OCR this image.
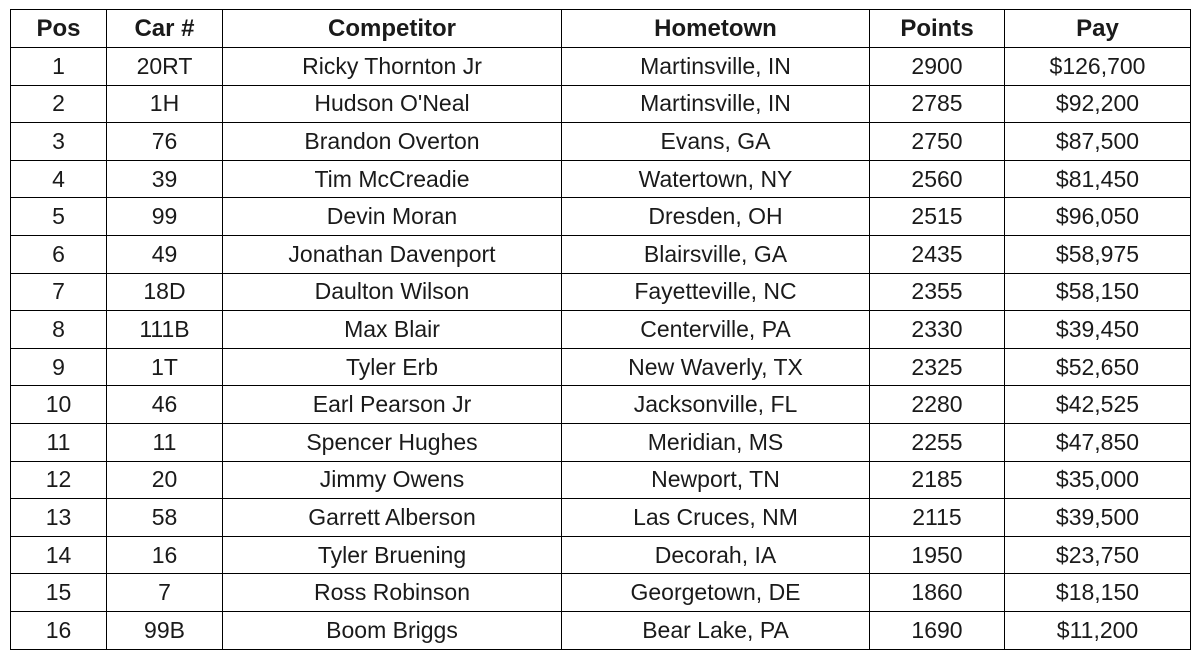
Pos	Car #	Competitor	Hometown	Points	Pay
1	20RT	Ricky Thornton Jr	Martinsville, IN	2900	$126,700
2	1H	Hudson O'Neal	Martinsville, IN	2785	$92,200
3	76	Brandon Overton	Evans, GA	2750	$87,500
4	39	Tim McCreadie	Watertown, NY	2560	$81,450
5	99	Devin Moran	Dresden, OH	2515	$96,050
6	49	Jonathan Davenport	Blairsville, GA	2435	$58,975
7	18D	Daulton Wilson	Fayetteville, NC	2355	$58,150
8	111B	Max Blair	Centerville, PA	2330	$39,450
9	1T	Tyler Erb	New Waverly, TX	2325	$52,650
10	46	Earl Pearson Jr	Jacksonville, FL	2280	$42,525
11	11	Spencer Hughes	Meridian, MS	2255	$47,850
12	20	Jimmy Owens	Newport, TN	2185	$35,000
13	58	Garrett Alberson	Las Cruces, NM	2115	$39,500
14	16	Tyler Bruening	Decorah, IA	1950	$23,750
15	7	Ross Robinson	Georgetown, DE	1860	$18,150
16	99B	Boom Briggs	Bear Lake, PA	1690	$11,200
